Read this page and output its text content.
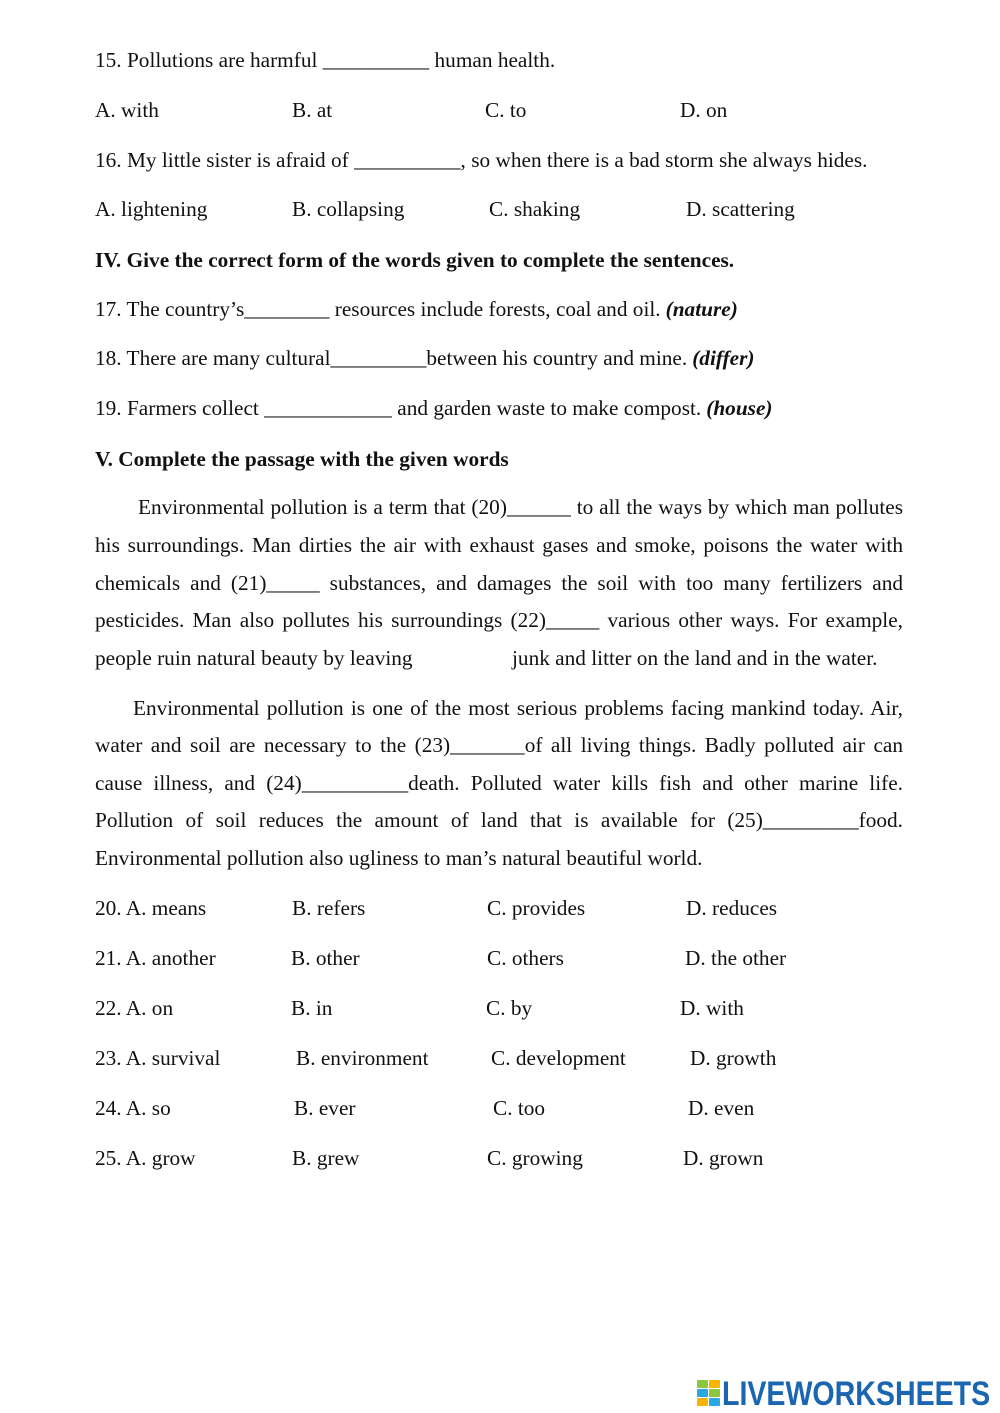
15. Pollutions are harmful __________ human health.
A. with	B. at	C. to	D. on
16. My little sister is afraid of __________, so when there is a bad storm she always hides.
A. lightening	B. collapsing	C. shaking	D. scattering
IV. Give the correct form of the words given to complete the sentences.
17. The country’s________ resources include forests, coal and oil. (nature)
18. There are many cultural_________between his country and mine. (differ)
19. Farmers collect ____________ and garden waste to make compost. (house)
V. Complete the passage with the given words
Environmental pollution is a term that (20)______ to all the ways by which man pollutes
his surroundings. Man dirties the air with exhaust gases and smoke, poisons the water with
chemicals and (21)_____ substances, and damages the soil with too many fertilizers and
pesticides. Man also pollutes his surroundings (22)_____ various other ways. For example,
people ruin natural beauty by leaving	junk and litter on the land and in the water.
Environmental pollution is one of the most serious problems facing mankind today. Air,
water and soil are necessary to the (23)_______of all living things. Badly polluted air can
cause illness, and (24)__________death. Polluted water kills fish and other marine life.
Pollution of soil reduces the amount of land that is available for (25)_________food.
Environmental pollution also ugliness to man’s natural beautiful world.
20. A. means	B. refers	C. provides	D. reduces
21. A. another	B. other	C. others	D. the other
22. A. on	B. in	C. by	D. with
23. A. survival	B. environment	C. development	D. growth
24. A. so	B. ever	C. too	D. even
25. A. grow	B. grew	C. growing	D. grown
LIVEWORKSHEETS
